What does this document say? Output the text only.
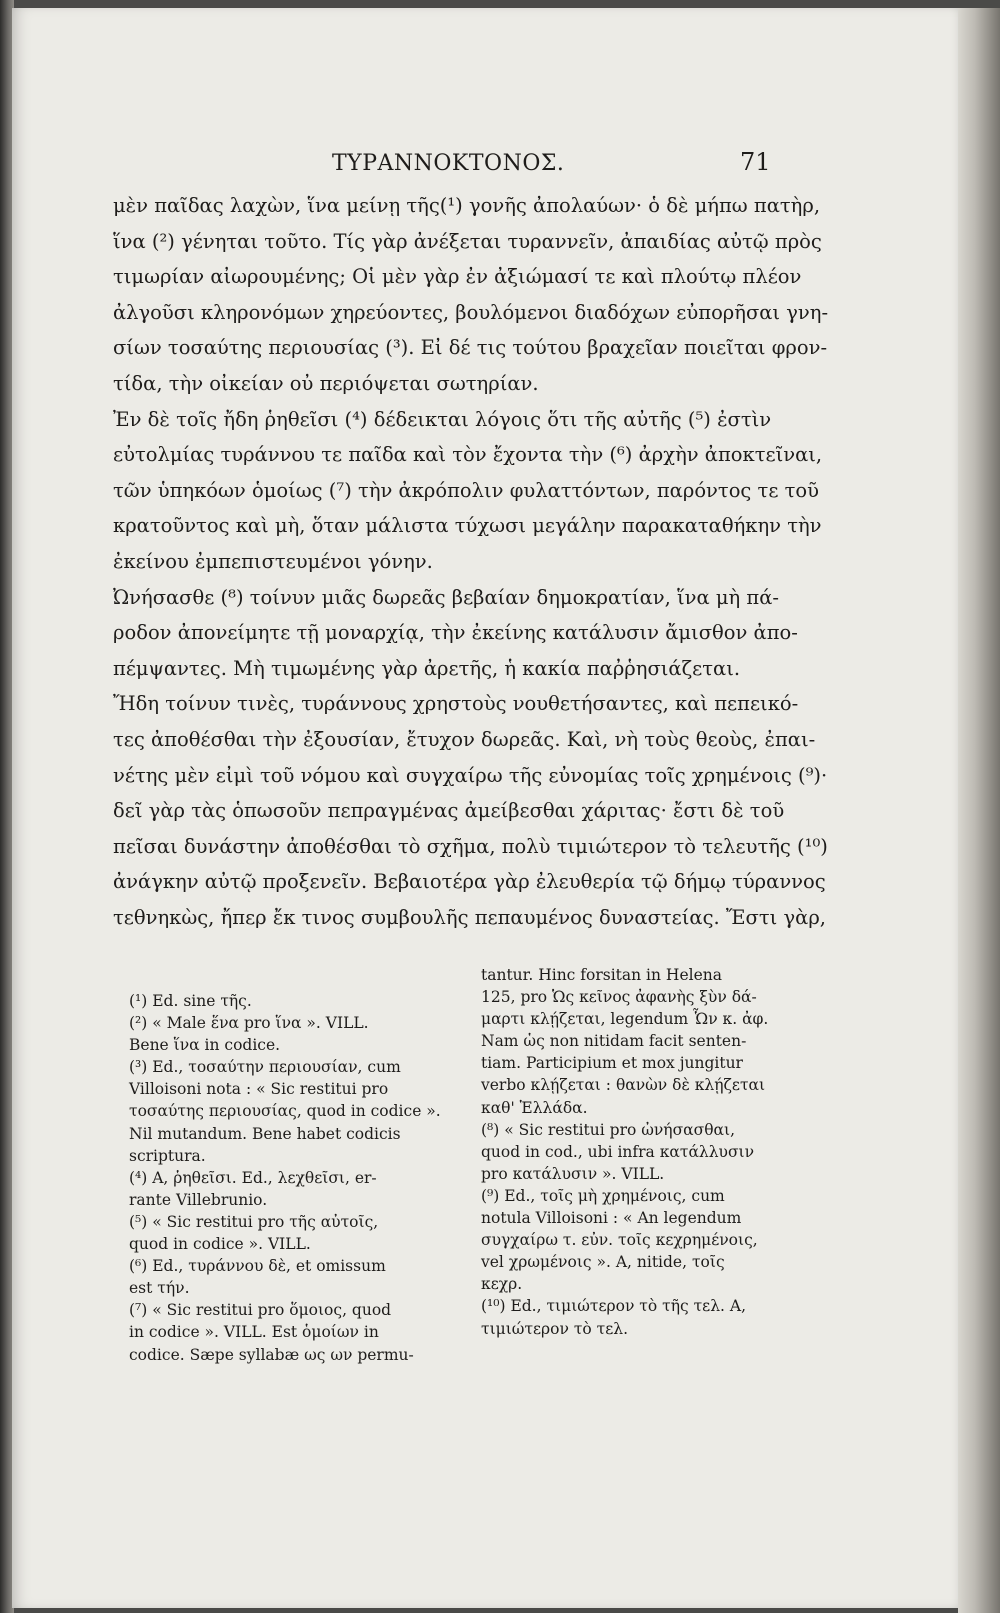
ΤΥΡΑΝΝΟΚΤΟΝΟΣ.	71
μὲν παῖδας λαχὼν, ἵνα μείνῃ τῆς(¹) γονῆς ἀπολαύων· ὁ δὲ μήπω πατὴρ,
ἵνα (²) γένηται τοῦτο. Τίς γὰρ ἀνέξεται τυραννεῖν, ἀπαιδίας αὐτῷ πρὸς
τιμωρίαν αἰωρουμένης; Οἱ μὲν γὰρ ἐν ἀξιώμασί τε καὶ πλούτῳ πλέον
ἀλγοῦσι κληρονόμων χηρεύοντες, βουλόμενοι διαδόχων εὐπορῆσαι γνη-
σίων τοσαύτης περιουσίας (³). Εἰ δέ τις τούτου βραχεῖαν ποιεῖται φρον-
τίδα, τὴν οἰκείαν οὐ περιόψεται σωτηρίαν.
Ἐν δὲ τοῖς ἤδη ῥηθεῖσι (⁴) δέδεικται λόγοις ὅτι τῆς αὐτῆς (⁵) ἐστὶν
εὐτολμίας τυράννου τε παῖδα καὶ τὸν ἔχοντα τὴν (⁶) ἀρχὴν ἀποκτεῖναι,
τῶν ὑπηκόων ὁμοίως (⁷) τὴν ἀκρόπολιν φυλαττόντων, παρόντος τε τοῦ
κρατοῦντος καὶ μὴ, ὅταν μάλιστα τύχωσι μεγάλην παρακαταθήκην τὴν
ἐκείνου ἐμπεπιστευμένοι γόνην.
Ὠνήσασθε (⁸) τοίνυν μιᾶς δωρεᾶς βεβαίαν δημοκρατίαν, ἵνα μὴ πά-
ροδον ἀπονείμητε τῇ μοναρχίᾳ, τὴν ἐκείνης κατάλυσιν ἄμισθον ἀπο-
πέμψαντες. Μὴ τιμωμένης γὰρ ἀρετῆς, ἡ κακία παῤῥησιάζεται.
Ἤδη τοίνυν τινὲς, τυράννους χρηστοὺς νουθετήσαντες, καὶ πεπεικό-
τες ἀποθέσθαι τὴν ἐξουσίαν, ἔτυχον δωρεᾶς. Καὶ, νὴ τοὺς θεοὺς, ἐπαι-
νέτης μὲν εἰμὶ τοῦ νόμου καὶ συγχαίρω τῆς εὐνομίας τοῖς χρημένοις (⁹)·
δεῖ γὰρ τὰς ὁπωσοῦν πεπραγμένας ἀμείβεσθαι χάριτας· ἔστι δὲ τοῦ
πεῖσαι δυνάστην ἀποθέσθαι τὸ σχῆμα, πολὺ τιμιώτερον τὸ τελευτῆς (¹⁰)
ἀνάγκην αὐτῷ προξενεῖν. Βεβαιοτέρα γὰρ ἐλευθερία τῷ δήμῳ τύραννος
τεθνηκὼς, ἤπερ ἔκ τινος συμβουλῆς πεπαυμένος δυναστείας. Ἔστι γὰρ,
(¹) Ed. sine τῆς.
(²) « Male ἕνα pro ἵνα ». VILL.
Bene ἵνα in codice.
(³) Ed., τοσαύτην περιουσίαν, cum
Villoisoni nota : « Sic restitui pro
τοσαύτης περιουσίας, quod in codice ».
Nil mutandum. Bene habet codicis
scriptura.
(⁴) A, ῥηθεῖσι. Ed., λεχθεῖσι, er-
rante Villebrunio.
(⁵) « Sic restitui pro τῆς αὐτοῖς,
quod in codice ». VILL.
(⁶) Ed., τυράννου δὲ, et omissum
est τήν.
(⁷) « Sic restitui pro ὅμοιος, quod
in codice ». VILL. Est ὁμοίων in
codice. Sæpe syllabæ ως ων permu-
tantur. Hinc forsitan in Helena
125, pro Ὡς κεῖνος ἀφανὴς ξὺν δά-
μαρτι κλῄζεται, legendum Ὧν κ. ἀφ.
Nam ὡς non nitidam facit senten-
tiam. Participium et mox jungitur
verbo κλῄζεται : θανὼν δὲ κλῄζεται
καθ' Ἑλλάδα.
(⁸) « Sic restitui pro ὠνήσασθαι,
quod in cod., ubi infra κατάλλυσιν
pro κατάλυσιν ». VILL.
(⁹) Ed., τοῖς μὴ χρημένοις, cum
notula Villoisoni : « An legendum
συγχαίρω τ. εὐν. τοῖς κεχρημένοις,
vel χρωμένοις ». A, nitide, τοῖς
κεχρ.
(¹⁰) Ed., τιμιώτερον τὸ τῆς τελ. A,
τιμιώτερον τὸ τελ.
